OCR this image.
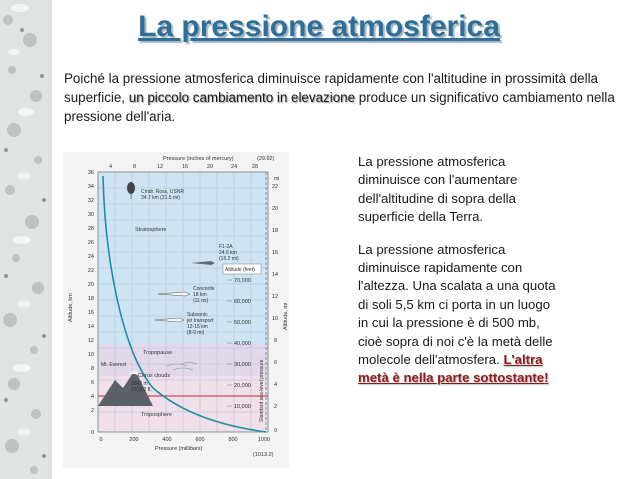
La pressione atmosferica
Poiché la pressione atmosferica diminuisce rapidamente con l'altitudine in prossimità della superficie, un piccolo cambiamento in elevazione produce un significativo cambiamento nella pressione dell'aria.
Pressure (inches of mercury)
4	8	12	16	20	24	28
(29.92)
Altitude, km
36
34
32
30
28
26
24
22
20
18
16
14
12
10
8
6
4
2
0
mi
Altitude, mi
22
20
18
16
14
12
10
8
6
4
2
0
0	200	400	600	800	1000
Pressure (millibars)
(1013.2)
Altitude (feet)
70,000
60,000
50,000
40,000
30,000
20,000
10,000 Standard sea-level pressure
Cmdr. Ross, USNR
34.7 km (21.5 mi)
Stratosphere
F1-2A
24.5 km
(15.2 mi)
Concorde
18 km
(11 mi)
Subsonic
jet transport
12-15 km
(8-9 mi)
Tropopause
Mt. Everest
8842 m
29,002 ft.
Cirrus clouds
Troposphere

La pressione atmosferica diminuisce con l'aumentare dell'altitudine di sopra della superficie della Terra.

La pressione atmosferica diminuisce rapidamente con l'altezza. Una scalata a una quota di soli 5,5 km ci porta in un luogo in cui la pressione è di 500 mb, cioè sopra di noi c'è la metà delle molecole dell'atmosfera. L'altra metà è nella parte sottostante!
